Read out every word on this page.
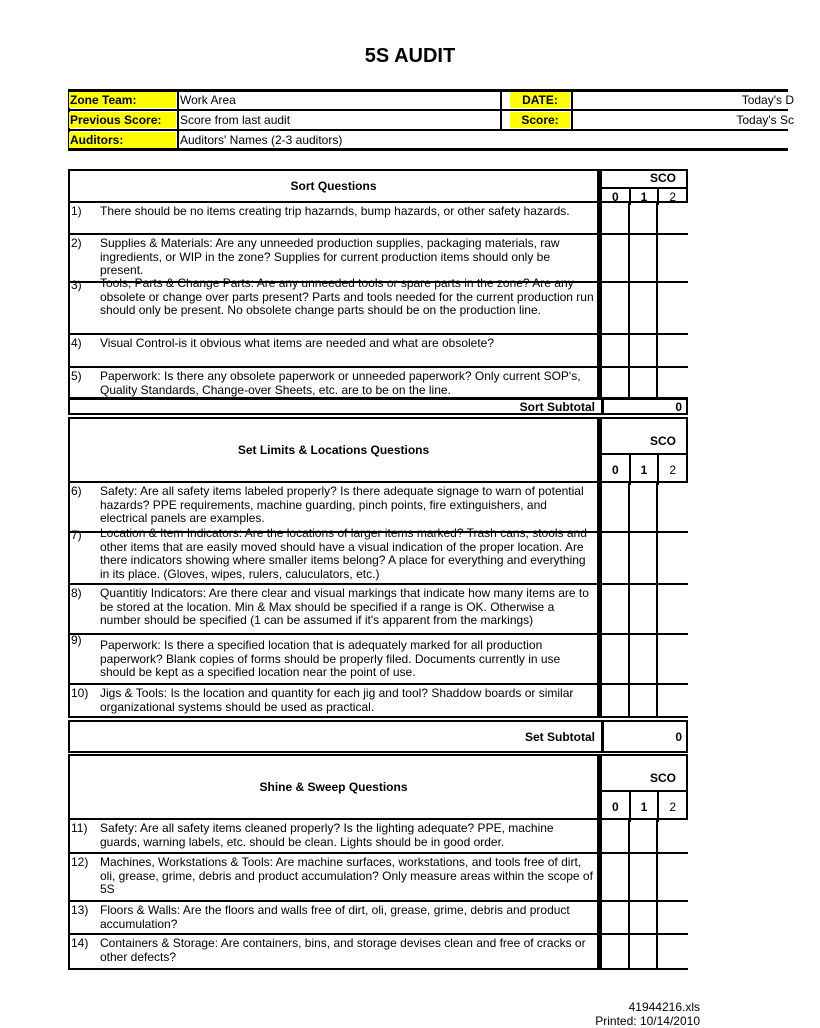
5S AUDIT
Zone Team:	Work Area	DATE:	Today's D
Previous Score:	Score from last audit	Score:	Today's Sc
Auditors:	Auditors' Names (2-3 auditors)
Sort Questions
SCO
0	1	2
1) There should be no items creating trip hazarnds, bump hazards, or other safety hazards.
2) Supplies & Materials: Are any unneeded production supplies, packaging materials, raw ingredients, or WIP in the zone? Supplies for current production items should only be present.
3) Tools, Parts & Change Parts: Are any unneeded tools or spare parts in the zone? Are any obsolete or change over parts present? Parts and tools needed for the current production run should only be present. No obsolete change parts should be on the production line.
4) Visual Control-is it obvious what items are needed and what are obsolete?
5) Paperwork: Is there any obsolete paperwork or unneeded paperwork? Only current SOP's, Quality Standards, Change-over Sheets, etc. are to be on the line.
Sort Subtotal	0
Set Limits & Locations Questions
SCO
0	1	2
6) Safety: Are all safety items labeled properly? Is there adequate signage to warn of potential hazards? PPE requirements, machine guarding, pinch points, fire extinguishers, and electrical panels are examples.
7) Location & Item Indicators: Are the locations of larger items marked? Trash cans, stools and other items that are easily moved should have a visual indication of the proper location. Are there indicators showing where smaller items belong? A place for everything and everything in its place. (Gloves, wipes, rulers, caluculators, etc.)
8) Quantitiy Indicators: Are there clear and visual markings that indicate how many items are to be stored at the location. Min & Max should be specified if a range is OK. Otherwise a number should be specified (1 can be assumed if it's apparent from the markings)
9) Paperwork: Is there a specified location that is adequately marked for all production paperwork? Blank copies of forms should be properly filed. Documents currently in use should be kept as a specified location near the point of use.
10) Jigs & Tools: Is the location and quantity for each jig and tool? Shaddow boards or similar organizational systems should be used as practical.
Set Subtotal	0
Shine & Sweep Questions
SCO
0	1	2
11) Safety: Are all safety items cleaned properly? Is the lighting adequate? PPE, machine guards, warning labels, etc. should be clean. Lights should be in good order.
12) Machines, Workstations & Tools: Are machine surfaces, workstations, and tools free of dirt, oli, grease, grime, debris and product accumulation? Only measure areas within the scope of 5S
13) Floors & Walls: Are the floors and walls free of dirt, oli, grease, grime, debris and product accumulation?
14) Containers & Storage: Are containers, bins, and storage devises clean and free of cracks or other defects?
41944216.xls
Printed: 10/14/2010
